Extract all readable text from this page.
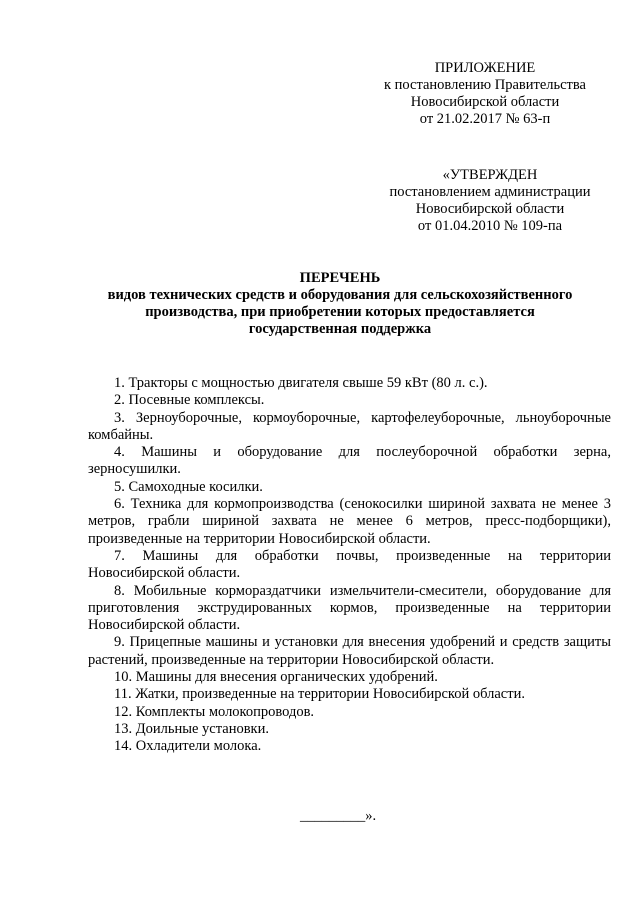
ПРИЛОЖЕНИЕ
к постановлению Правительства
Новосибирской области
от 21.02.2017 № 63-п
«УТВЕРЖДЕН
постановлением администрации
Новосибирской области
от 01.04.2010 № 109-па
ПЕРЕЧЕНЬ
видов технических средств и оборудования для сельскохозяйственного
производства, при приобретении которых предоставляется
государственная поддержка

1. Тракторы с мощностью двигателя свыше 59 кВт (80 л. с.).

2. Посевные комплексы.

3. Зерноуборочные, кормоуборочные, картофелеуборочные, льноуборочные комбайны.

4. Машины и оборудование для послеуборочной обработки зерна, зерносушилки.

5. Самоходные косилки.

6. Техника для кормопроизводства (сенокосилки шириной захвата не менее 3 метров, грабли шириной захвата не менее 6 метров, пресс-подборщики), произведенные на территории Новосибирской области.

7. Машины для обработки почвы, произведенные на территории Новосибирской области.

8. Мобильные кормораздатчики измельчители-смесители, оборудование для приготовления экструдированных кормов, произведенные на территории Новосибирской области.

9. Прицепные машины и установки для внесения удобрений и средств защиты растений, произведенные на территории Новосибирской области.

10. Машины для внесения органических удобрений.

11. Жатки, произведенные на территории Новосибирской области.

12. Комплекты молокопроводов.

13. Доильные установки.

14. Охладители молока.

_________».
